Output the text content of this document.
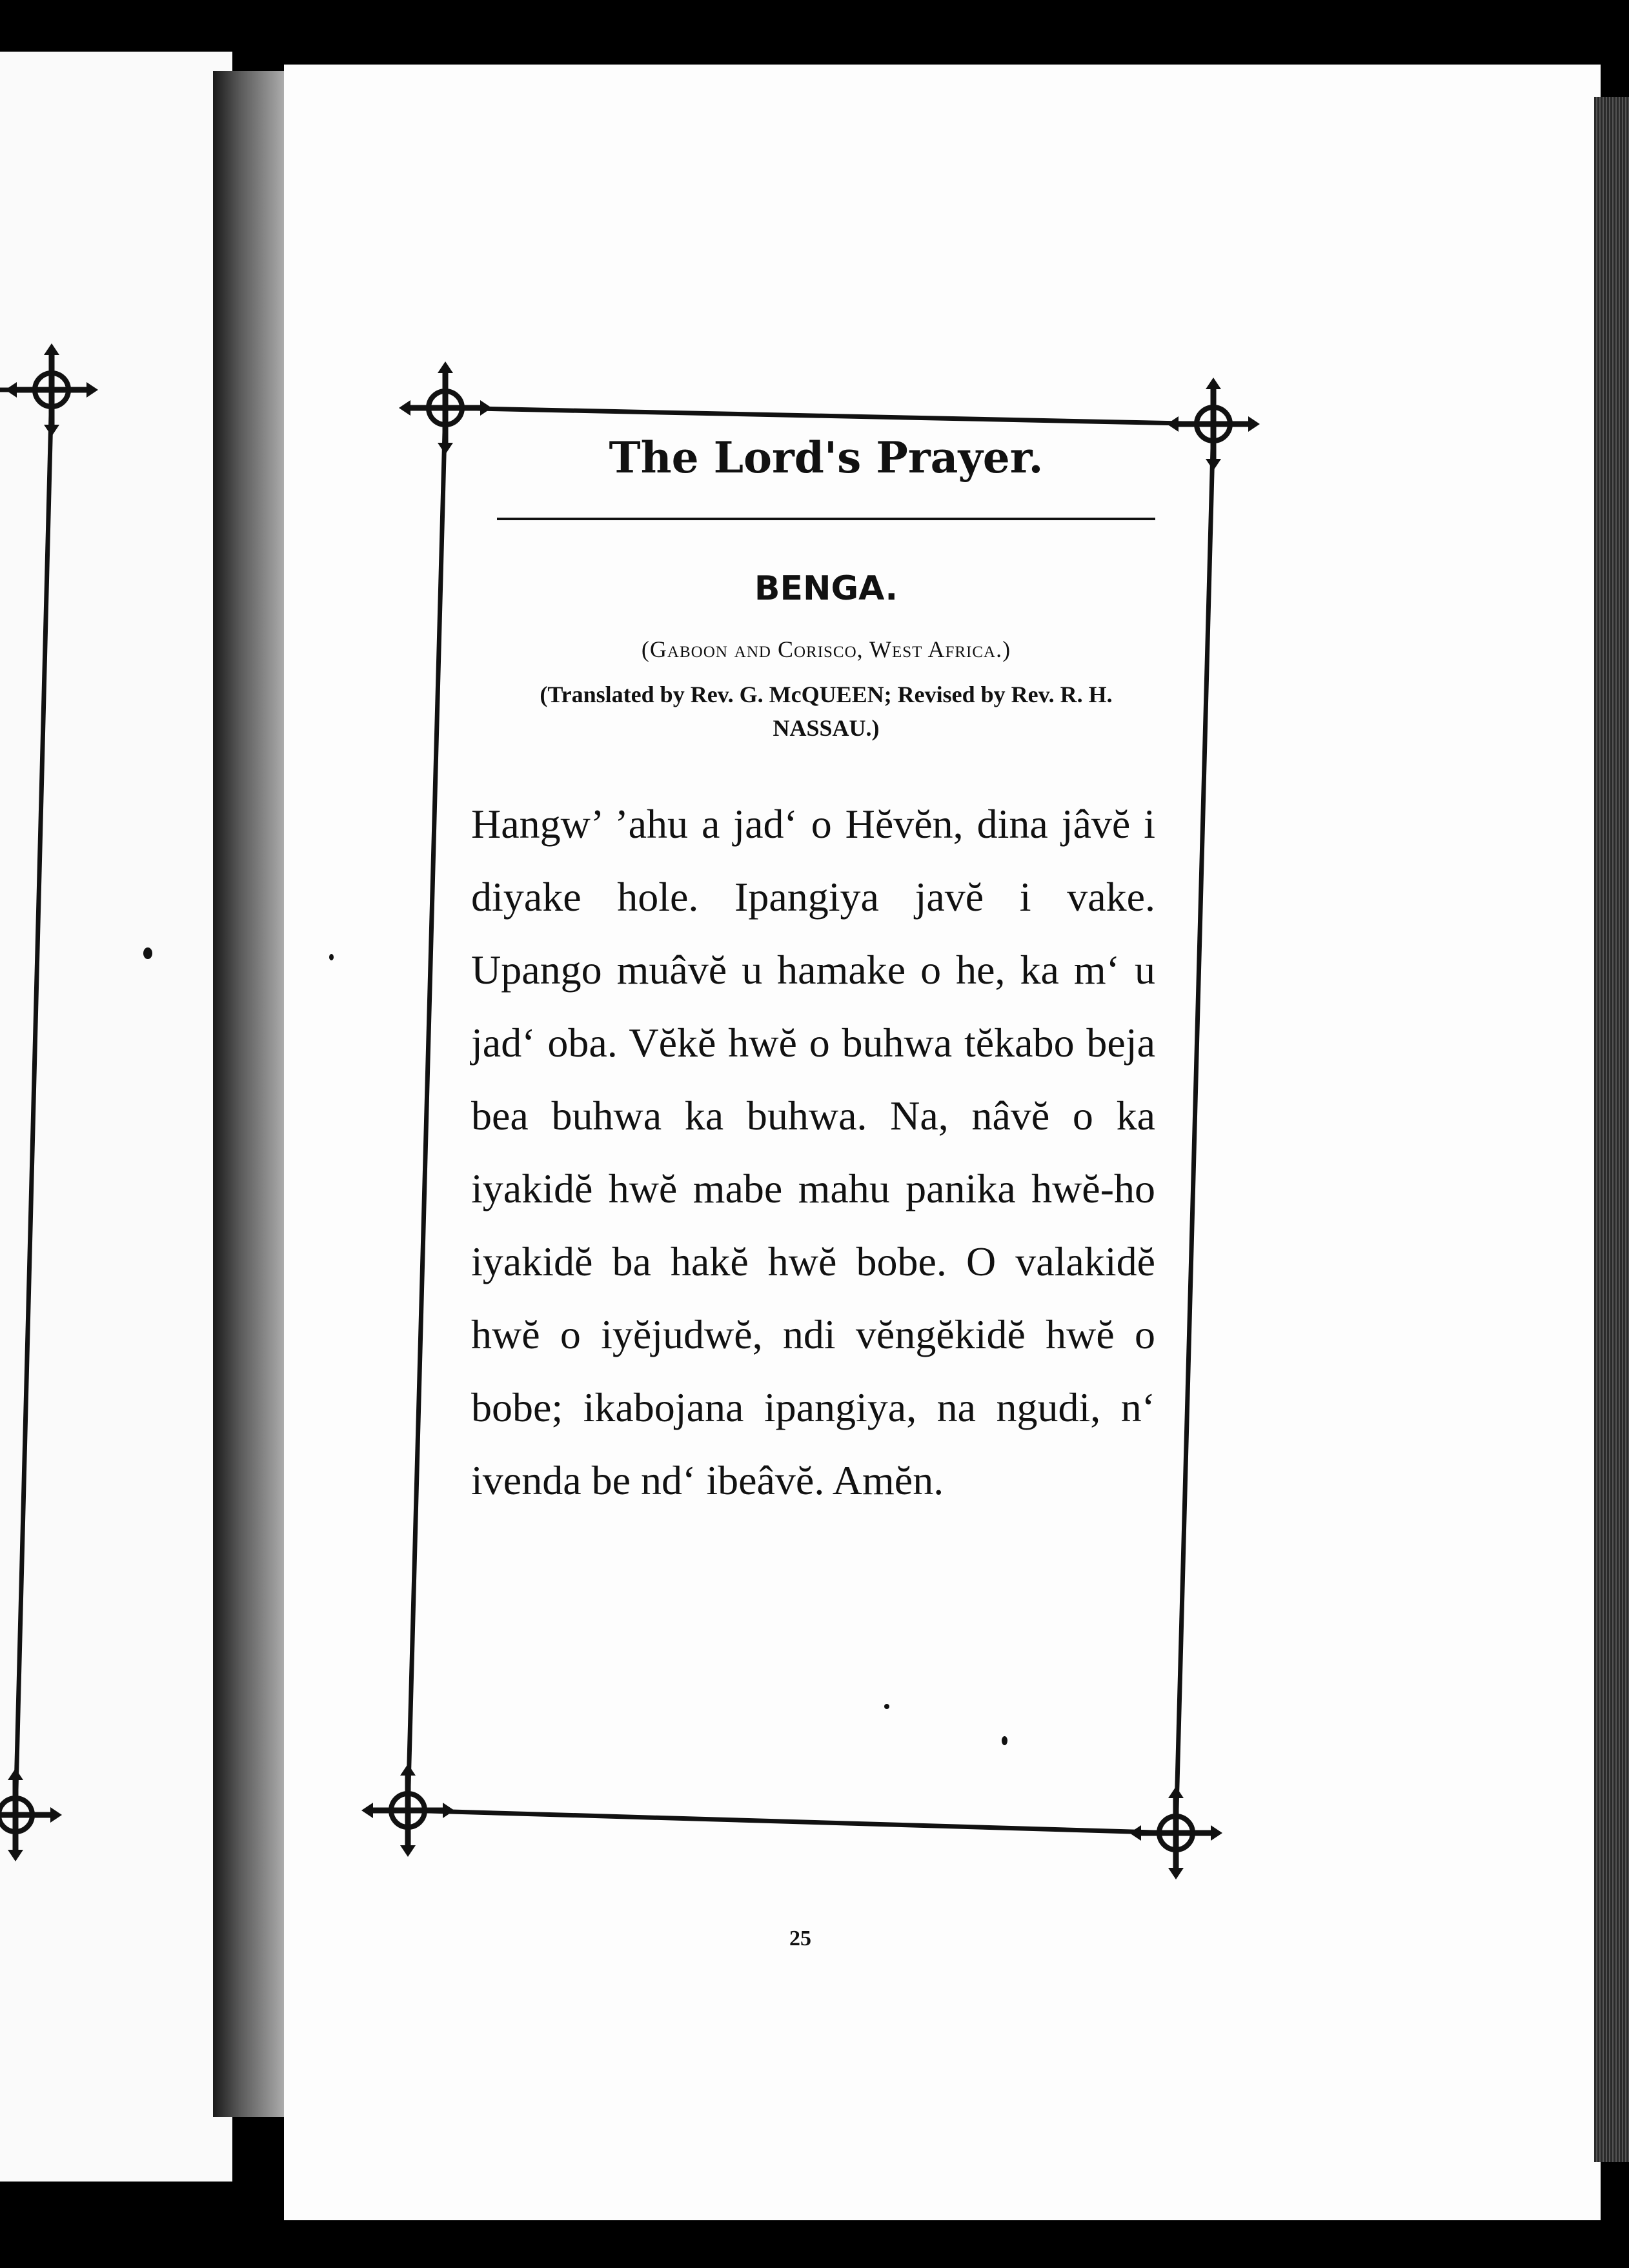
The Lord's Prayer.
BENGA.
(Gaboon and Corisco, West Africa.)
(Translated by Rev. G. McQUEEN; Revised by Rev. R. H. NASSAU.)
Hangw’ ’ahu a jad‘ o Hĕvĕn, dina jâvĕ i diyake hole. Ipangiya javĕ i vake. Upango muâvĕ u hamake o he, ka m‘ u jad‘ oba. Vĕkĕ hwĕ o buhwa tĕkabo beja bea buhwa ka buhwa. Na, nâvĕ o ka iyakidĕ hwĕ mabe mahu panika hwĕ-ho iyakidĕ ba hakĕ hwĕ bobe. O valakidĕ hwĕ o iyĕjudwĕ, ndi vĕngĕkidĕ hwĕ o bobe; ikabojana ipangiya, na ngudi, n‘ ivenda be nd‘ ibeâvĕ. Amĕn.
25
